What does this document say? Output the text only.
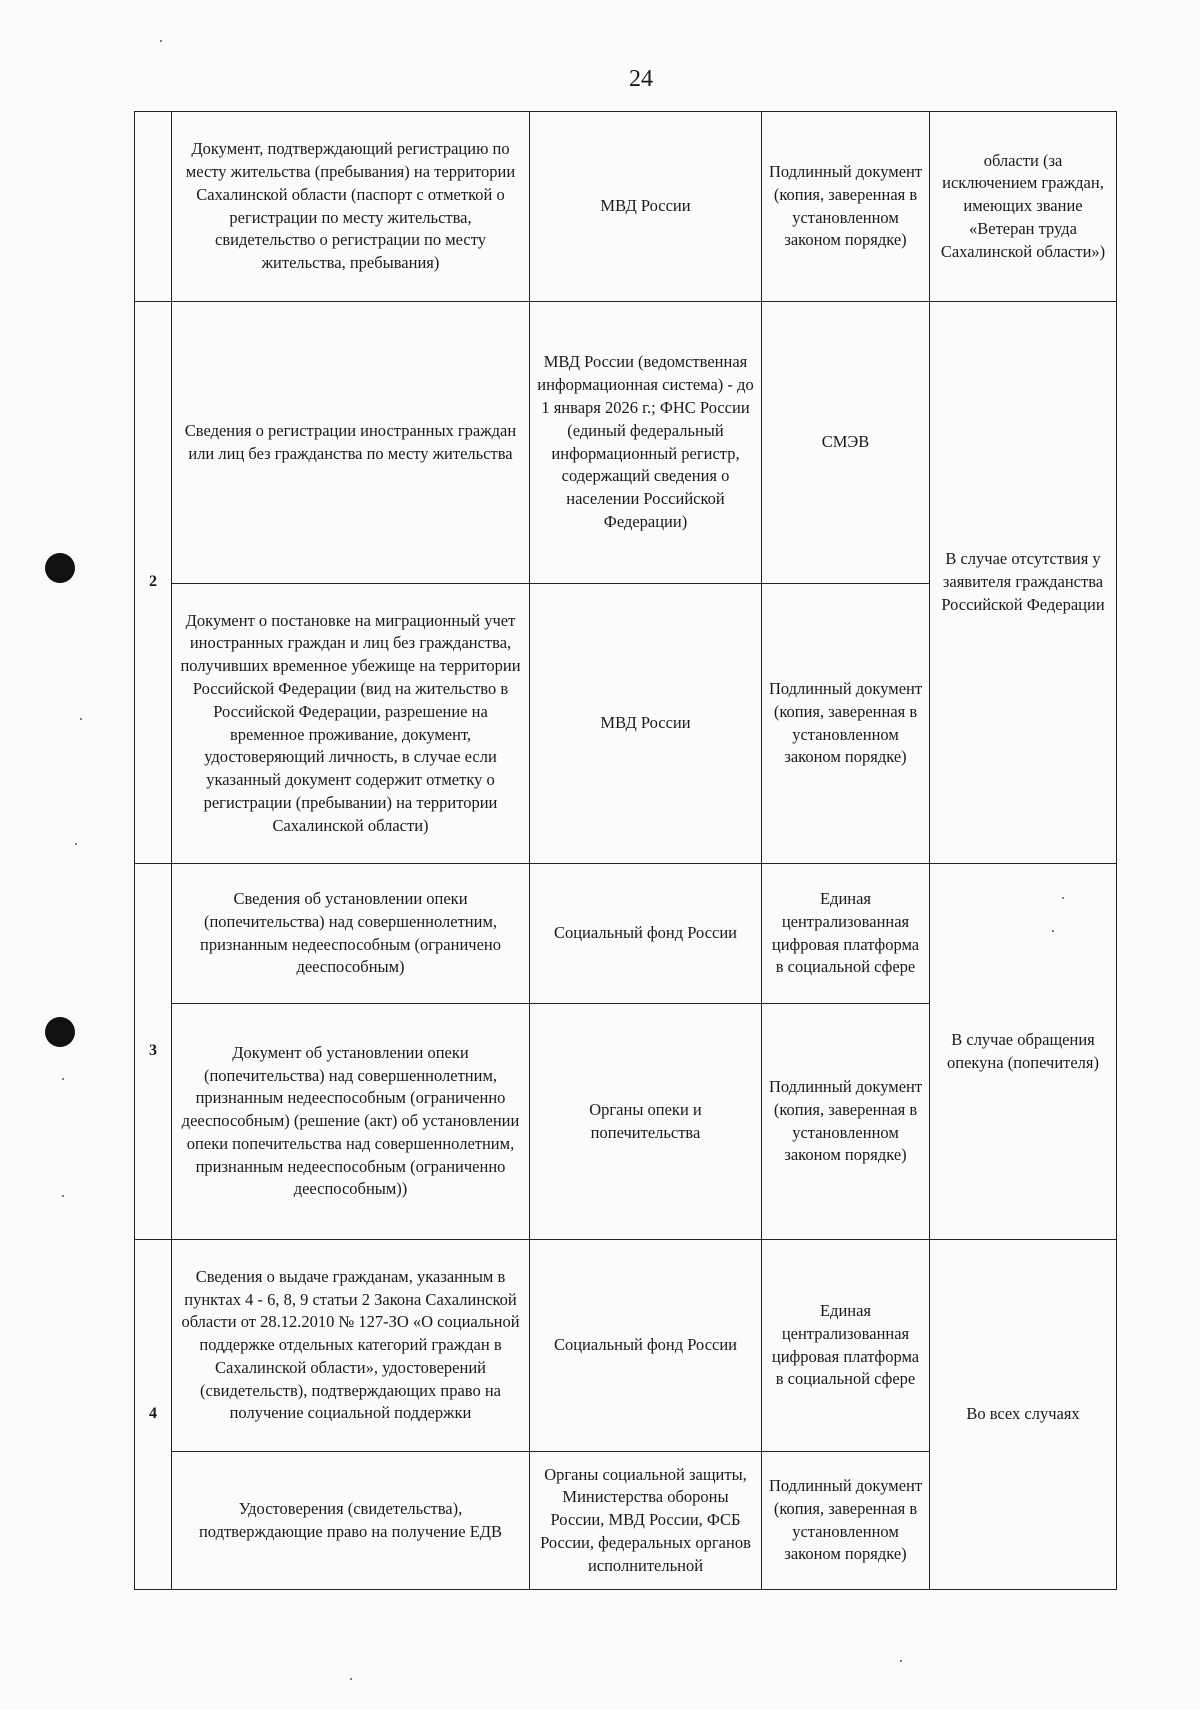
24
	Документ, подтверждающий регистрацию по месту жительства (пребывания) на территории Сахалинской области (паспорт с отметкой о регистрации по месту жительства, свидетельство о регистрации по месту жительства, пребывания)	МВД России	Подлинный документ (копия, заверенная в установленном законом порядке)	области (за исключением граждан, имеющих звание «Ветеран труда Сахалинской области»)
2	Сведения о регистрации иностранных граждан или лиц без гражданства по месту жительства	МВД России (ведомственная информационная система) - до 1 января 2026 г.; ФНС России (единый федеральный информационный регистр, содержащий сведения о населении Российской Федерации)	СМЭВ	В случае отсутствия у заявителя гражданства Российской Федерации
	Документ о постановке на миграционный учет иностранных граждан и лиц без гражданства, получивших временное убежище на территории Российской Федерации (вид на жительство в Российской Федерации, разрешение на временное проживание, документ, удостоверяющий личность, в случае если указанный документ содержит отметку о регистрации (пребывании) на территории Сахалинской области)	МВД России	Подлинный документ (копия, заверенная в установленном законом порядке)	
3	Сведения об установлении опеки (попечительства) над совершеннолетним, признанным недееспособным (ограничено дееспособным)	Социальный фонд России	Единая централизованная цифровая платформа в социальной сфере	В случае обращения опекуна (попечителя)
	Документ об установлении опеки (попечительства) над совершеннолетним, признанным недееспособным (ограниченно дееспособным) (решение (акт) об установлении опеки попечительства над совершеннолетним, признанным недееспособным (ограниченно дееспособным))	Органы опеки и попечительства	Подлинный документ (копия, заверенная в установленном законом порядке)	
4	Сведения о выдаче гражданам, указанным в пунктах 4 - 6, 8, 9 статьи 2 Закона Сахалинской области от 28.12.2010 № 127-ЗО «О социальной поддержке отдельных категорий граждан в Сахалинской области», удостоверений (свидетельств), подтверждающих право на получение социальной поддержки	Социальный фонд России	Единая централизованная цифровая платформа в социальной сфере	Во всех случаях
	Удостоверения (свидетельства), подтверждающие право на получение ЕДВ	Органы социальной защиты, Министерства обороны России, МВД России, ФСБ России, федеральных органов исполнительной	Подлинный документ (копия, заверенная в установленном законом порядке)	
